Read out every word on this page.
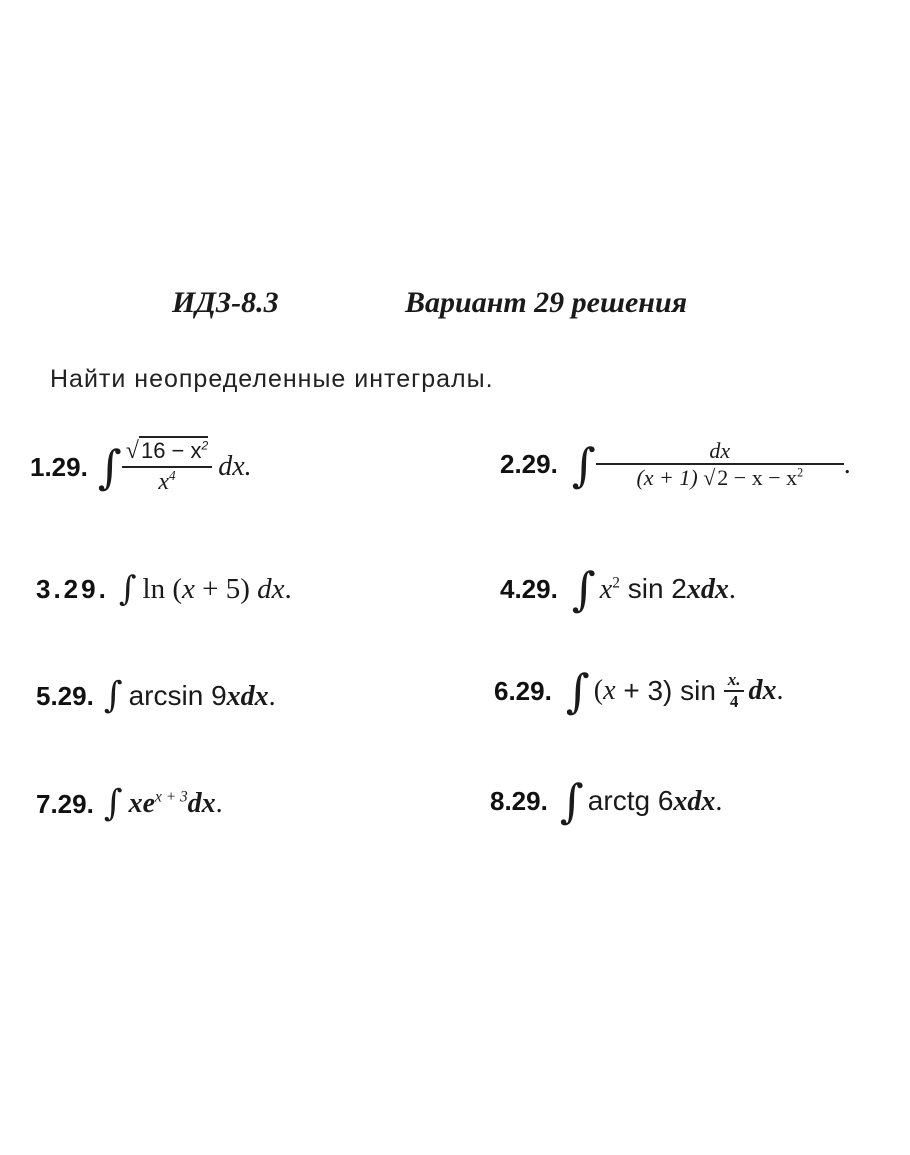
ИДЗ-8.3	Вариант 29 решения
Найти неопределенные интегралы.
1.29. ∫ $\frac{√16 - x^2}{x^4}$ dx.	2.29. ∫ $\frac{dx}{(x + 1) √2 - x - x^2}$ .
3.29. ∫ ln (x + 5) dx.	4.29. ∫ $x^2$ sin 2xdx.
5.29. ∫ arcsin 9xdx.	6.29. ∫ ( x + 3) $\sin \frac{x.}{4}$ dx .
7.29. ∫ $xe^{x + 3}dx$.	8.29. ∫ arctg 6xdx.
